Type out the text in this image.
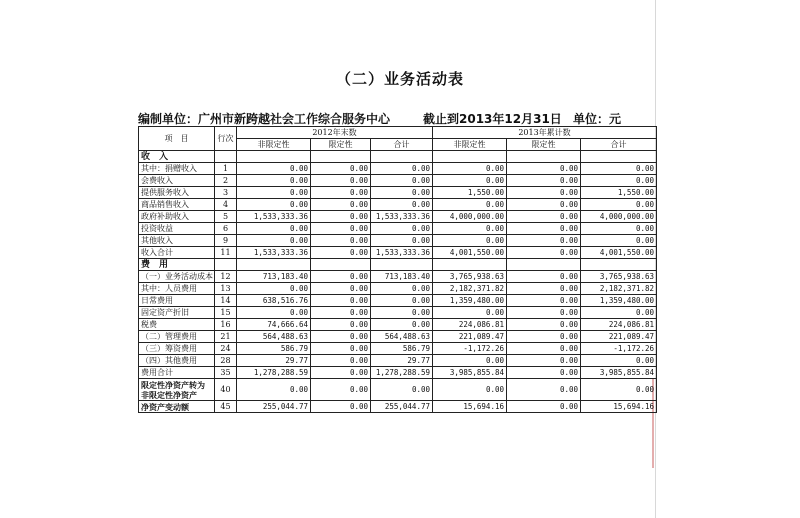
（二）业务活动表
编制单位：广州市新跨越社会工作综合服务中心	截止到2013年12月31日 单位：元
项　目	行次	2012年末数			2013年累计数		
		非限定性	限定性	合计	非限定性	限定性	合计
收　入							
其中：捐赠收入	1	0.00	0.00	0.00	0.00	0.00	0.00
会费收入	2	0.00	0.00	0.00	0.00	0.00	0.00
提供服务收入	3	0.00	0.00	0.00	1,550.00	0.00	1,550.00
商品销售收入	4	0.00	0.00	0.00	0.00	0.00	0.00
政府补助收入	5	1,533,333.36	0.00	1,533,333.36	4,000,000.00	0.00	4,000,000.00
投资收益	6	0.00	0.00	0.00	0.00	0.00	0.00
其他收入	9	0.00	0.00	0.00	0.00	0.00	0.00
收入合计	11	1,533,333.36	0.00	1,533,333.36	4,001,550.00	0.00	4,001,550.00
费　用							
（一）业务活动成本	12	713,183.40	0.00	713,183.40	3,765,938.63	0.00	3,765,938.63
其中：人员费用	13	0.00	0.00	0.00	2,182,371.82	0.00	2,182,371.82
日常费用	14	638,516.76	0.00	0.00	1,359,480.00	0.00	1,359,480.00
固定资产折旧	15	0.00	0.00	0.00	0.00	0.00	0.00
税费	16	74,666.64	0.00	0.00	224,086.81	0.00	224,086.81
（二）管理费用	21	564,488.63	0.00	564,488.63	221,089.47	0.00	221,089.47
（三）筹资费用	24	586.79	0.00	586.79	-1,172.26	0.00	-1,172.26
（四）其他费用	28	29.77	0.00	29.77	0.00	0.00	0.00
费用合计	35	1,278,288.59	0.00	1,278,288.59	3,985,855.84	0.00	3,985,855.84
限定性净资产转为非限定性净资产	40	0.00	0.00	0.00	0.00	0.00	0.00
净资产变动额	45	255,044.77	0.00	255,044.77	15,694.16	0.00	15,694.16
